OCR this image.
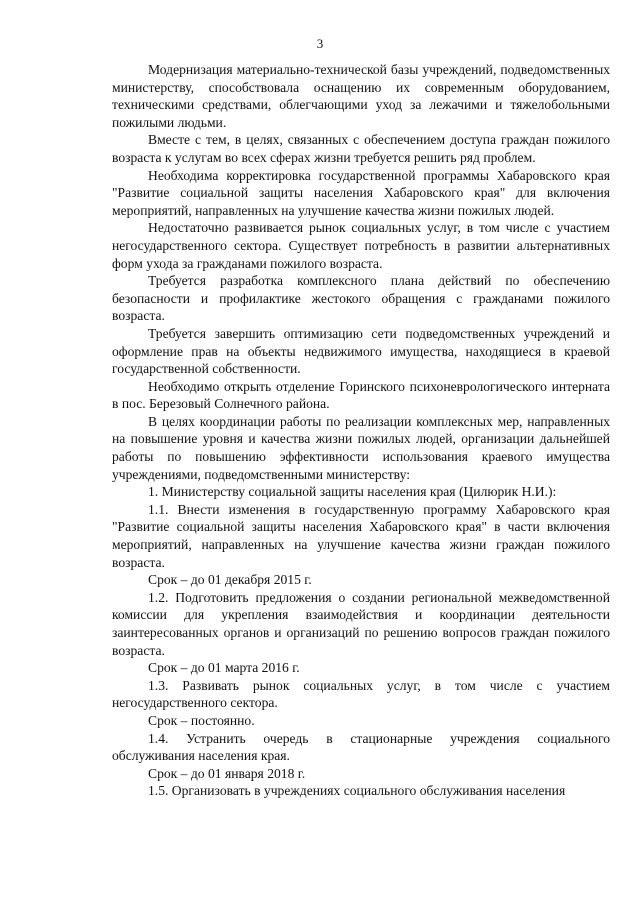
3

Модернизация материально-технической базы учреждений, подведомственных министерству, способствовала оснащению их современным оборудованием, техническими средствами, облегчающими уход за лежачими и тяжелобольными пожилыми людьми.

Вместе с тем, в целях, связанных с обеспечением доступа граждан пожилого возраста к услугам во всех сферах жизни требуется решить ряд проблем.

Необходима корректировка государственной программы Хабаровского края "Развитие социальной защиты населения Хабаровского края" для включения мероприятий, направленных на улучшение качества жизни пожилых людей.

Недостаточно развивается рынок социальных услуг, в том числе с участием негосударственного сектора. Существует потребность в развитии альтернативных форм ухода за гражданами пожилого возраста.

Требуется разработка комплексного плана действий по обеспечению безопасности и профилактике жестокого обращения с гражданами пожилого возраста.

Требуется завершить оптимизацию сети подведомственных учреждений и оформление прав на объекты недвижимого имущества, находящиеся в краевой государственной собственности.

Необходимо открыть отделение Горинского психоневрологического интерната в пос. Березовый Солнечного района.

В целях координации работы по реализации комплексных мер, направленных на повышение уровня и качества жизни пожилых людей, организации дальнейшей работы по повышению эффективности использования краевого имущества учреждениями, подведомственными министерству:

1. Министерству социальной защиты населения края (Цилюрик Н.И.):

1.1. Внести изменения в государственную программу Хабаровского края "Развитие социальной защиты населения Хабаровского края" в части включения мероприятий, направленных на улучшение качества жизни граждан пожилого возраста.

Срок – до 01 декабря 2015 г.

1.2. Подготовить предложения о создании региональной межведомственной комиссии для укрепления взаимодействия и координации деятельности заинтересованных органов и организаций по решению вопросов граждан пожилого возраста.

Срок – до 01 марта 2016 г.

1.3. Развивать рынок социальных услуг, в том числе с участием негосударственного сектора.

Срок – постоянно.

1.4. Устранить очередь в стационарные учреждения социального обслуживания населения края.

Срок – до 01 января 2018 г.

1.5. Организовать в учреждениях социального обслуживания населения
